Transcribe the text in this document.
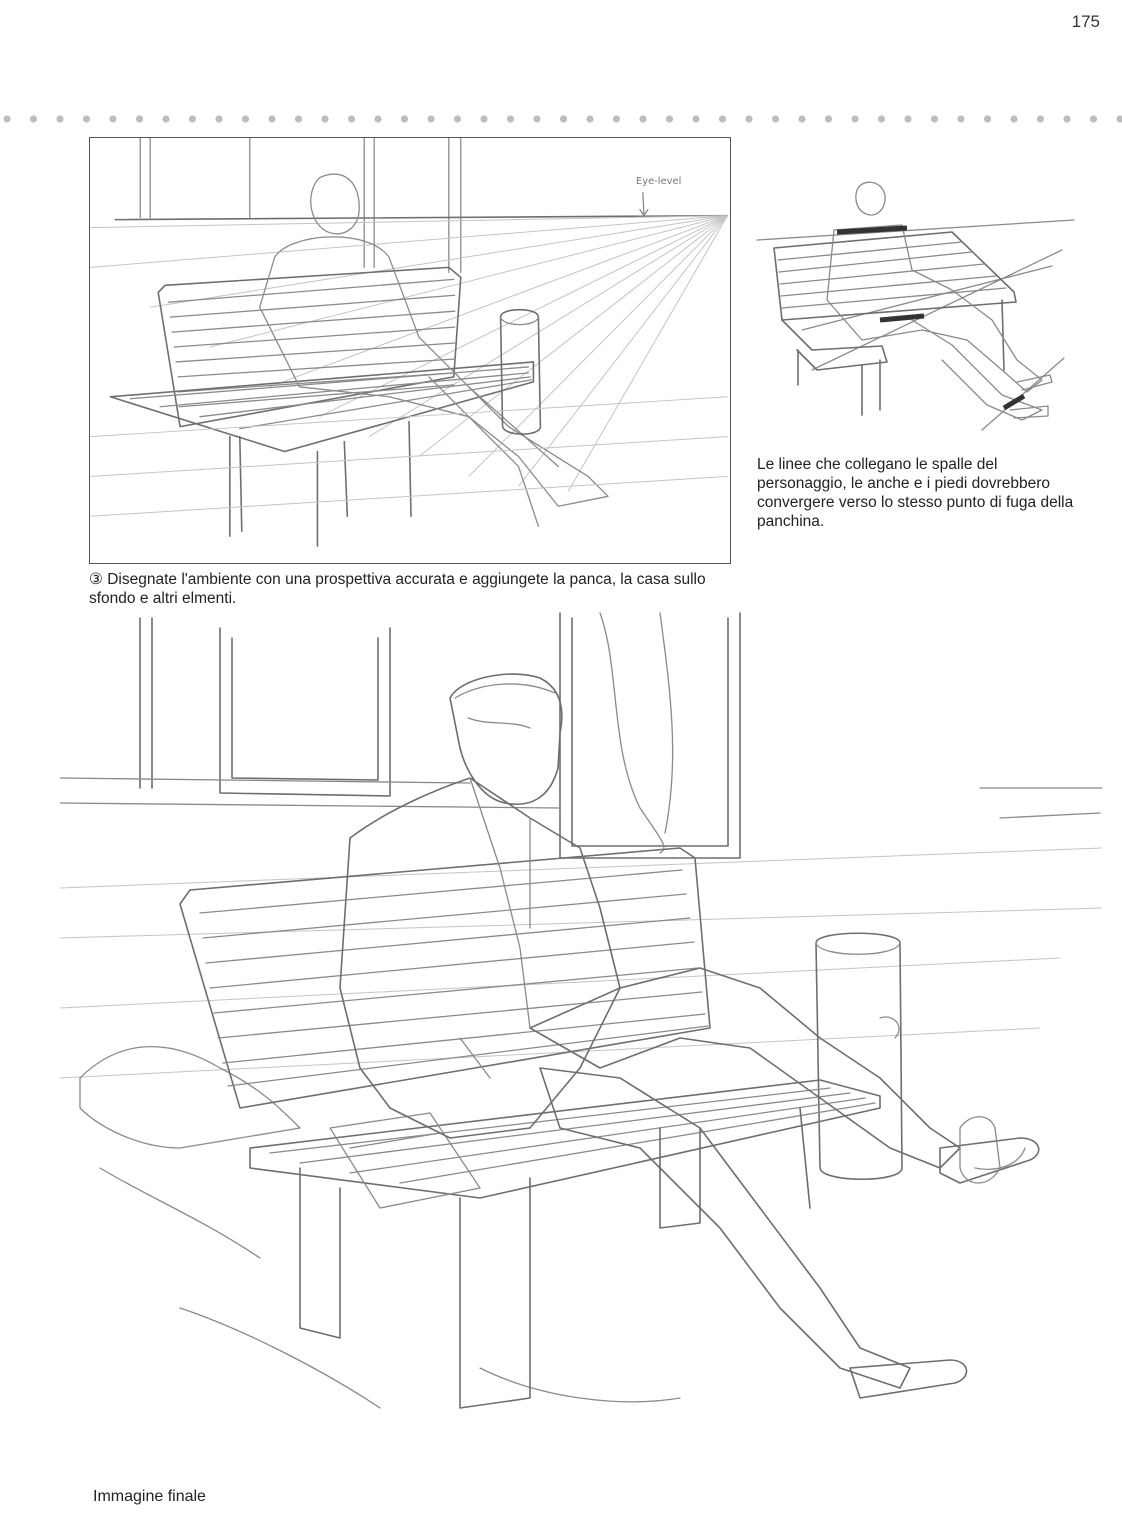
175
Eye-level
③ Disegnate l'ambiente con una prospettiva accurata e aggiungete la panca, la casa sullo sfondo e altri elmenti.
Le linee che collegano le spalle del personaggio, le anche e i piedi dovrebbero convergere verso lo stesso punto di fuga della panchina.
Immagine finale
